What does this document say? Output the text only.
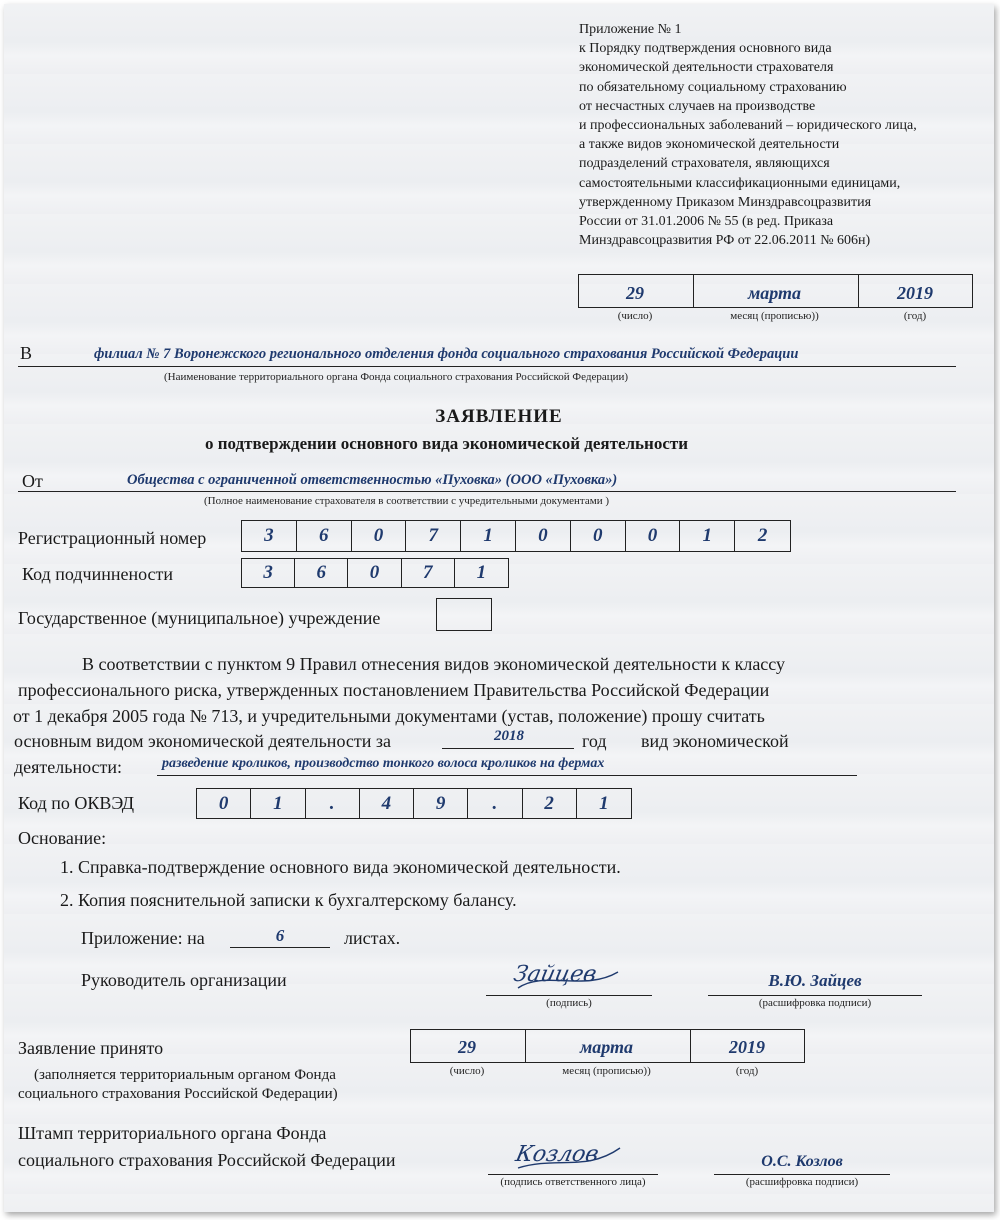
Приложение № 1
к Порядку подтверждения основного вида
экономической деятельности страхователя
по обязательному социальному страхованию
от несчастных случаев на производстве
и профессиональных заболеваний – юридического лица,
а также видов экономической деятельности
подразделений страхователя, являющихся
самостоятельными классификационными единицами,
утвержденному Приказом Минздравсоцразвития
России от 31.01.2006 № 55 (в ред. Приказа
Минздравсоцразвития РФ от 22.06.2011 № 606н)
29	марта	2019
(число)	месяц (прописью))	(год)
В	филиал № 7 Воронежского регионального отделения фонда социального страхования Российской Федерации
(Наименование территориального органа Фонда социального страхования Российской Федерации)
ЗАЯВЛЕНИЕ
о подтверждении основного вида экономической деятельности
От	Обществa с ограниченной ответственностью «Пуховка» (ООО «Пуховка»)
(Полное наименование страхователя в соответствии с учредительными документами )
Регистрационный номер	3	6	0	7	1	0	0	0	1	2
Код подчиннености	3	6	0	7	1
Государственное (муниципальное) учреждение
В соответствии с пунктом 9 Правил отнесения видов экономической деятельности к классу
профессионального риска, утвержденных постановлением Правительства Российской Федерации
от 1 декабря 2005 года № 713, и учредительными документами (устав, положение) прошу считать
основным видом экономической деятельности за	2018	год вид экономической
деятельности:	разведение кроликов, производство тонкого волоса кроликов на фермах
Код по ОКВЭД	0	1	.	4	9	.	2	1
Основание:
1. Справка-подтверждение основного вида экономической деятельности.
2. Копия пояснительной записки к бухгалтерскому балансу.
Приложение: на	6	листах.
Руководитель организации	Зайцев
(подпись)
В.Ю. Зайцев
(расшифровка подписи)
Заявление принято
(заполняется территориальным органом Фонда
социального страхования Российской Федерации)
29	марта	2019
(число)	месяц (прописью))	(год)
Штамп территориального органа Фонда
социального страхования Российской Федерации	Козлов
(подпись ответственного лица)
О.С. Козлов
(расшифровка подписи)
